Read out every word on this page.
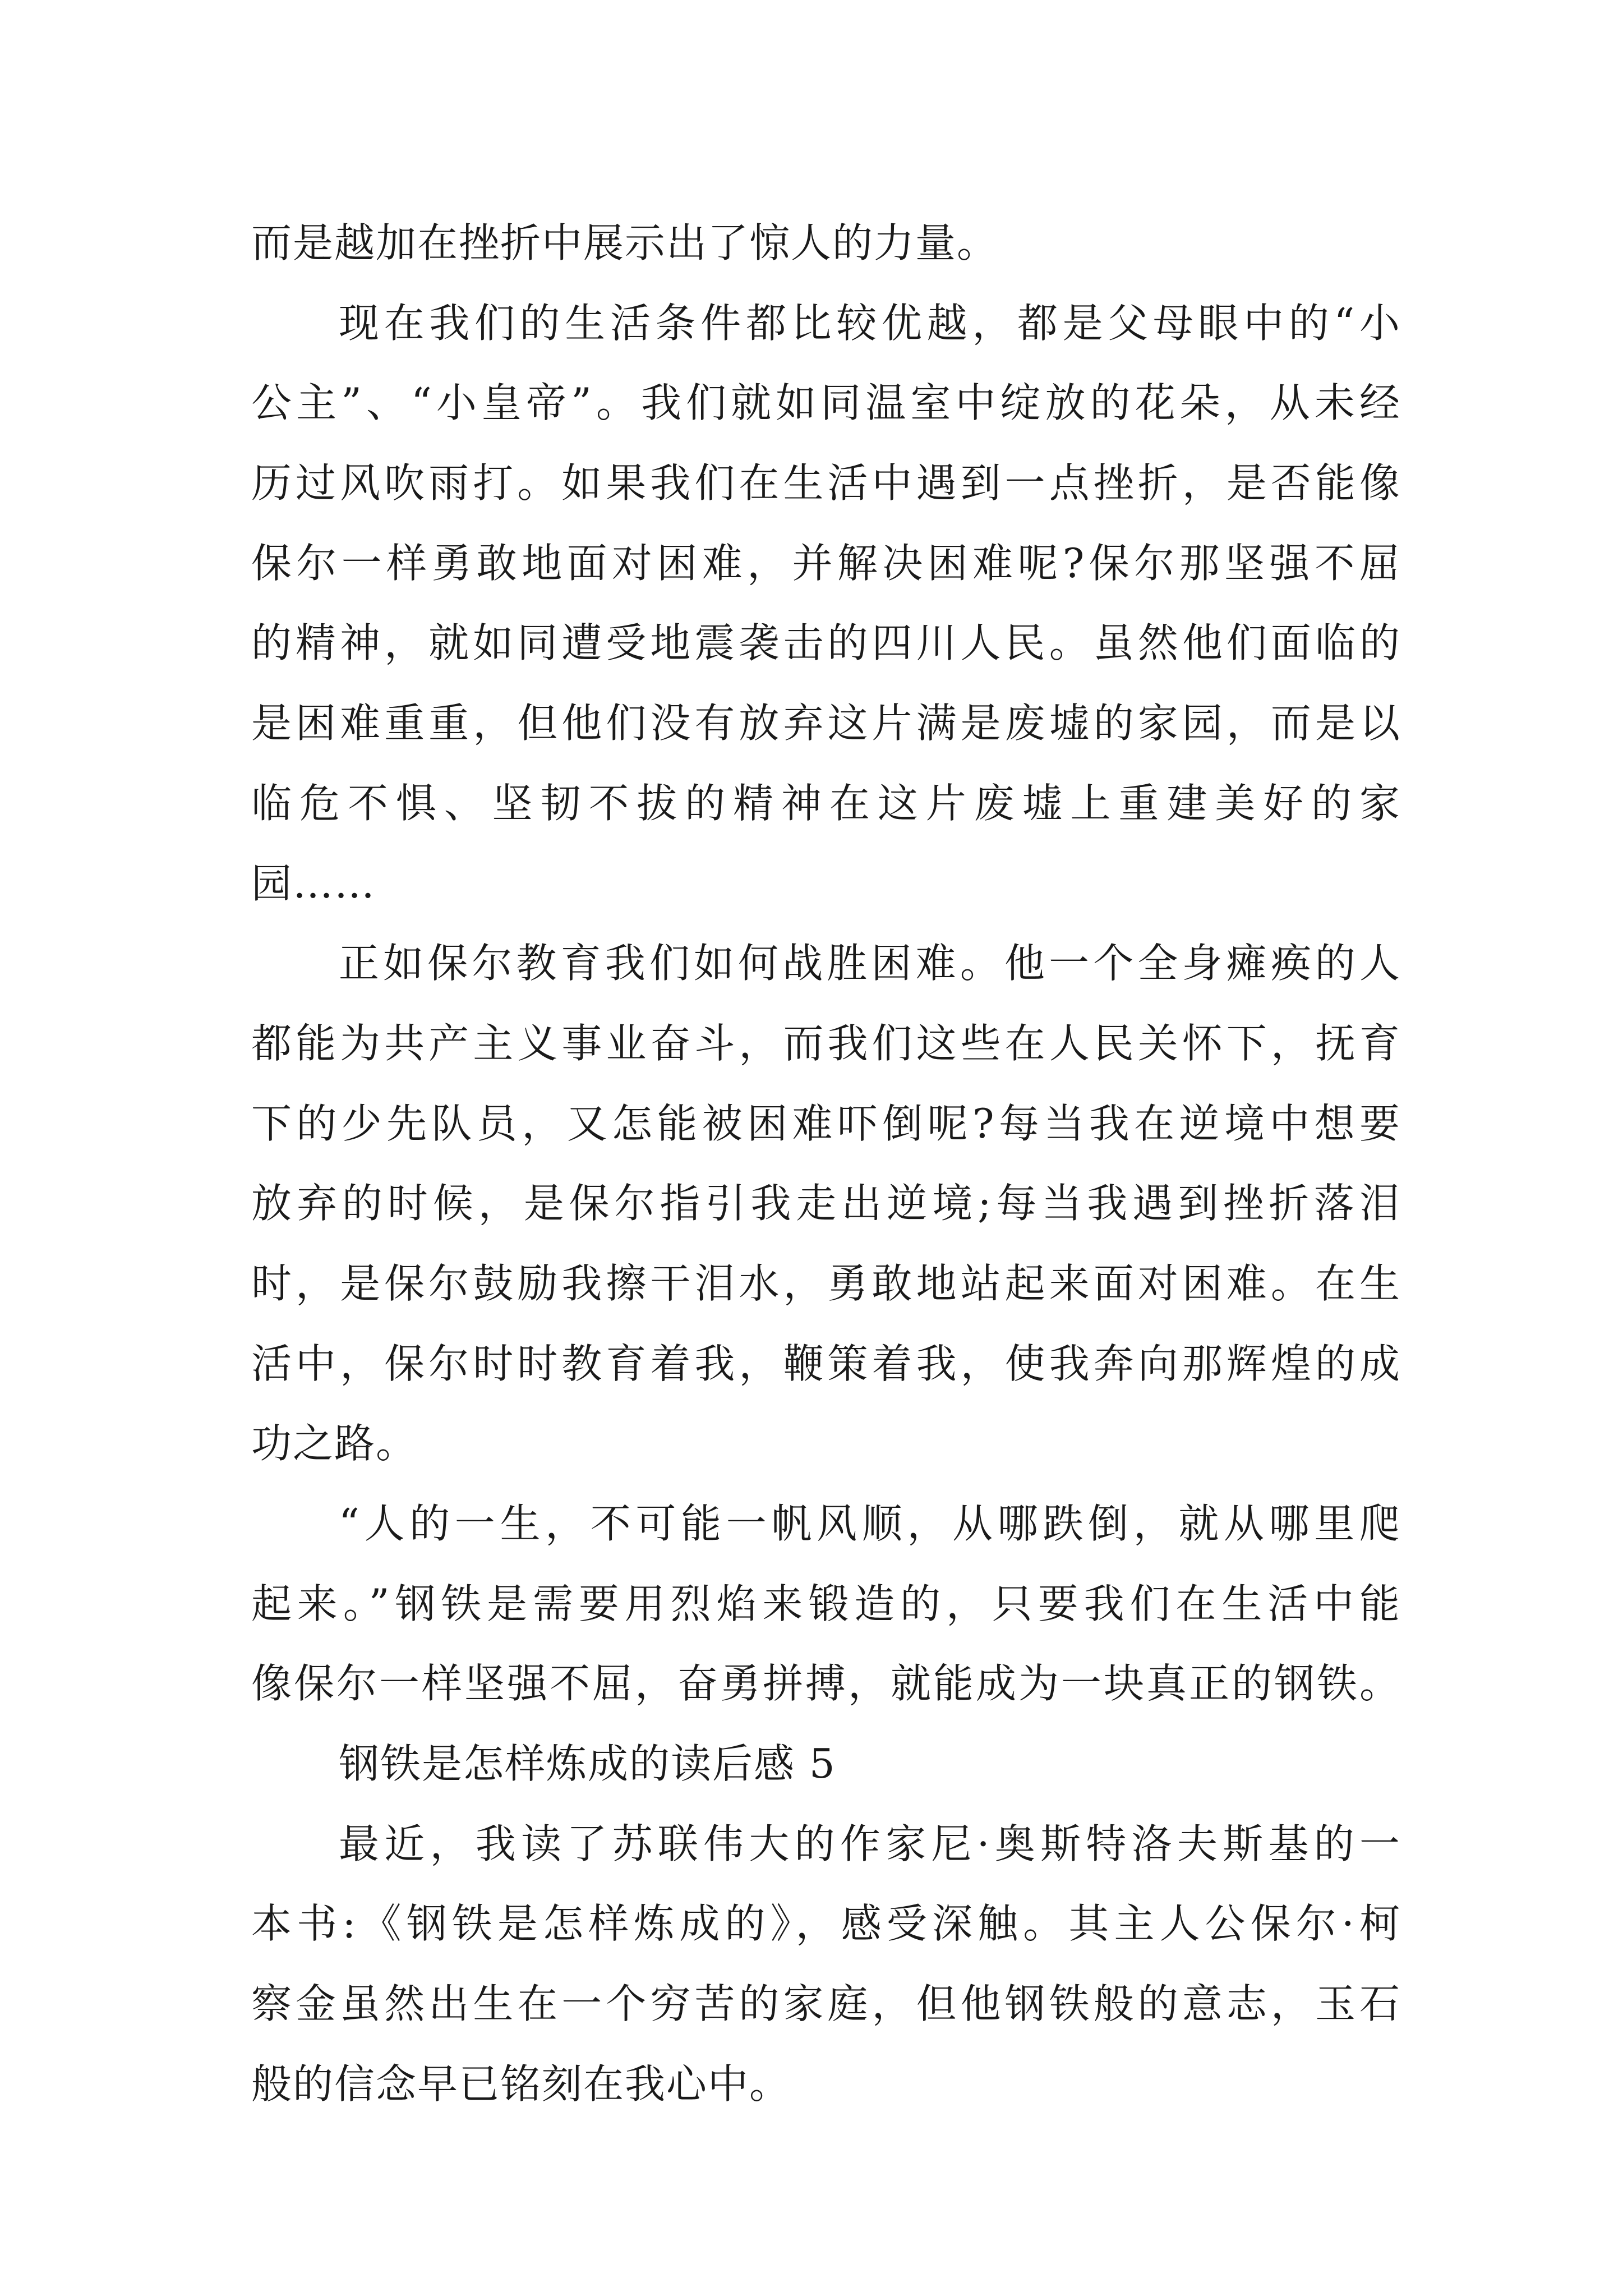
而是越加在挫折中展示出了惊人的力量。
现在我们的生活条件都比较优越，都是父母眼中的“小
公主”、“小皇帝”。我们就如同温室中绽放的花朵，从未经
历过风吹雨打。如果我们在生活中遇到一点挫折，是否能像
保尔一样勇敢地面对困难，并解决困难呢?保尔那坚强不屈
的精神，就如同遭受地震袭击的四川人民。虽然他们面临的
是困难重重，但他们没有放弃这片满是废墟的家园，而是以
临危不惧、坚韧不拔的精神在这片废墟上重建美好的家
园……
正如保尔教育我们如何战胜困难。他一个全身瘫痪的人
都能为共产主义事业奋斗，而我们这些在人民关怀下，抚育
下的少先队员，又怎能被困难吓倒呢?每当我在逆境中想要
放弃的时候，是保尔指引我走出逆境;每当我遇到挫折落泪
时，是保尔鼓励我擦干泪水，勇敢地站起来面对困难。在生
活中，保尔时时教育着我，鞭策着我，使我奔向那辉煌的成
功之路。
“人的一生，不可能一帆风顺，从哪跌倒，就从哪里爬
起来。”钢铁是需要用烈焰来锻造的，只要我们在生活中能
像保尔一样坚强不屈，奋勇拼搏，就能成为一块真正的钢铁。
钢铁是怎样炼成的读后感 5
最近，我读了苏联伟大的作家尼·奥斯特洛夫斯基的一
本书:《钢铁是怎样炼成的》，感受深触。其主人公保尔·柯
察金虽然出生在一个穷苦的家庭，但他钢铁般的意志，玉石
般的信念早已铭刻在我心中。
